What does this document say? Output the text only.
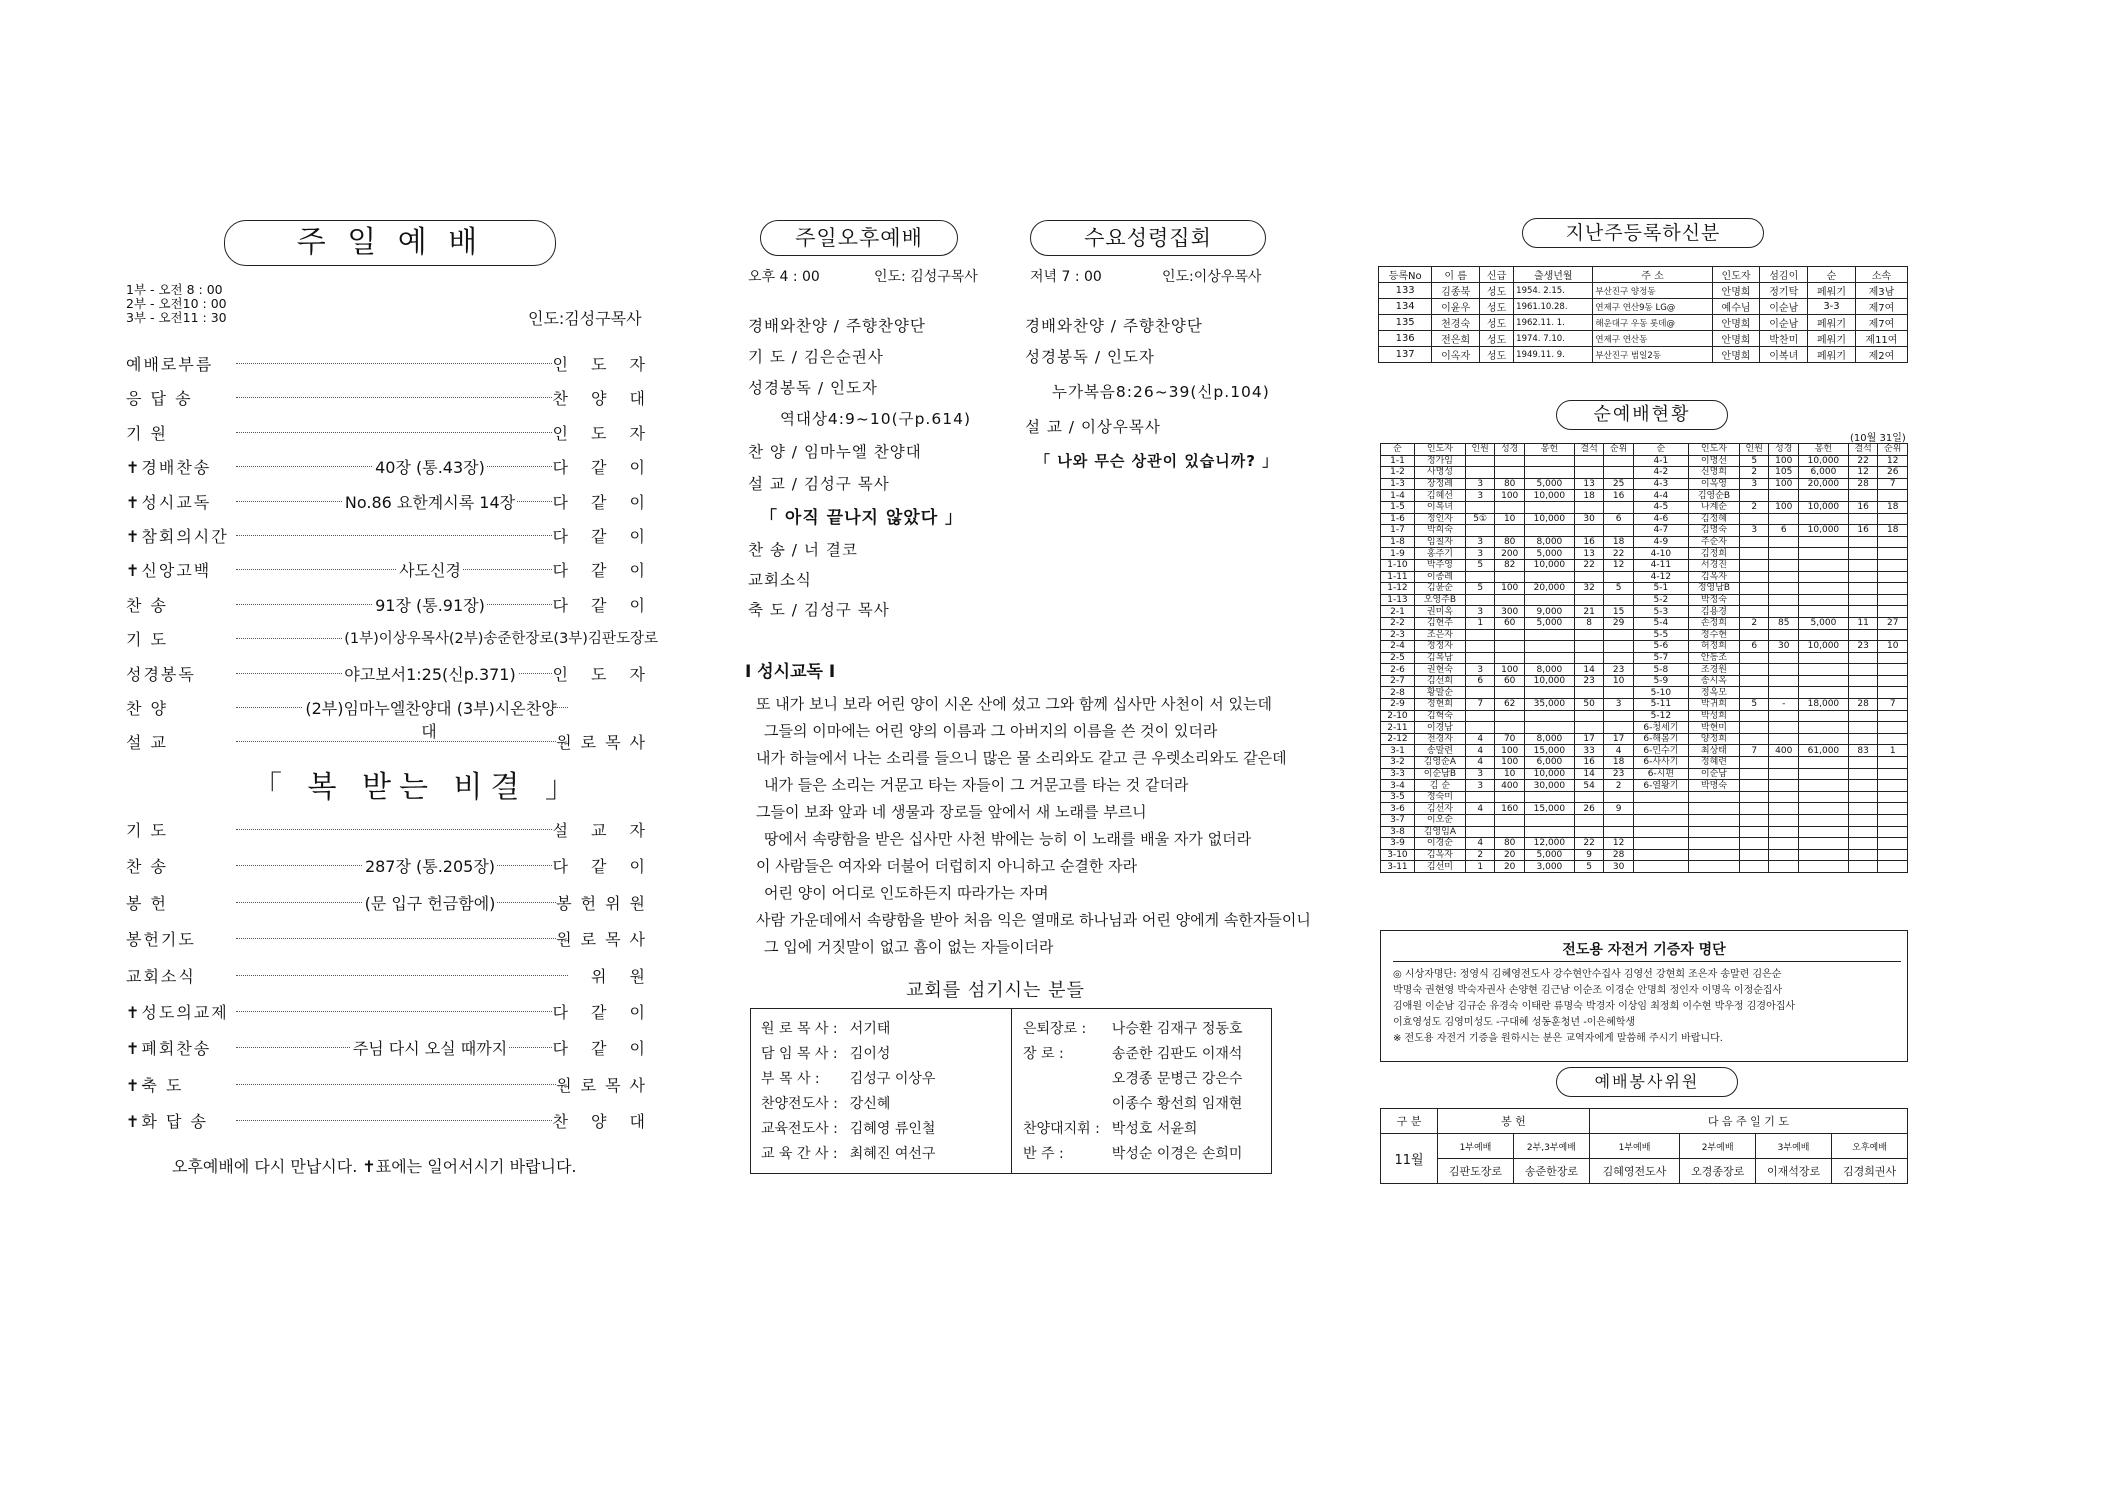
주 일 예 배
1부 - 오전 8 : 00
2부 - 오전10 : 00
3부 - 오전11 : 30	인도:김성구목사
예배로부름	인 도 자
응 답 송	찬 양 대
기 원	인 도 자
✝경배찬송	40장 (통.43장)	다 같 이
✝성시교독	No.86 요한계시록 14장	다 같 이
✝참회의시간	다 같 이
✝신앙고백	사도신경	다 같 이
찬 송	91장 (통.91장)	다 같 이
기 도	(1부)이상우목사(2부)송준한장로(3부)김판도장로
성경봉독	야고보서1:25(신p.371)	인 도 자
찬 양	(2부)임마누엘찬양대 (3부)시온찬양대
설 교	원로목사
「 복 받는 비결 」
기 도	설 교 자
찬 송	287장 (통.205장)	다 같 이
봉 헌	(문 입구 헌금함에)	봉헌위원
봉헌기도	원로목사
교회소식	위 원
✝성도의교제	다 같 이
✝폐회찬송	주님 다시 오실 때까지	다 같 이
✝축 도	원로목사
✝화 답 송	찬 양 대
오후예배에 다시 만납시다. ✝표에는 일어서시기 바랍니다.
주일오후예배
오후 4 : 00	인도: 김성구목사
경배와찬양 / 주향찬양단
기 도 / 김은순권사
성경봉독 / 인도자
역대상4:9~10(구p.614)
찬 양 / 임마누엘 찬양대
설 교 / 김성구 목사
「 아직 끝나지 않았다 」
찬 송 / 너 결코
교회소식
축 도 / 김성구 목사
수요성령집회
저녁 7 : 00	인도:이상우목사
경배와찬양 / 주향찬양단
성경봉독 / 인도자
누가복음8:26~39(신p.104)
설 교 / 이상우목사
「 나와 무슨 상관이 있습니까? 」
Ⅰ 성시교독 Ⅰ

또 내가 보니 보라 어린 양이 시온 산에 섰고 그와 함께 십사만 사천이 서 있는데

그들의 이마에는 어린 양의 이름과 그 아버지의 이름을 쓴 것이 있더라

내가 하늘에서 나는 소리를 들으니 많은 물 소리와도 같고 큰 우렛소리와도 같은데

내가 들은 소리는 거문고 타는 자들이 그 거문고를 타는 것 같더라

그들이 보좌 앞과 네 생물과 장로들 앞에서 새 노래를 부르니

땅에서 속량함을 받은 십사만 사천 밖에는 능히 이 노래를 배울 자가 없더라

이 사람들은 여자와 더불어 더럽히지 아니하고 순결한 자라

어린 양이 어디로 인도하든지 따라가는 자며

사람 가운데에서 속량함을 받아 처음 익은 열매로 하나님과 어린 양에게 속한자들이니

그 입에 거짓말이 없고 흠이 없는 자들이더라

교회를 섬기시는 분들
원 로 목 사 :	서기태
담 임 목 사 :	김이성
부 목 사 :	김성구 이상우
찬양전도사 :	강신혜
교육전도사 :	김혜영 류인철
교 육 간 사 :	최혜진 여선구
은퇴장로 :	나승환 김재구 정동호
장 로 :	송준한 김판도 이재석
	오경종 문병근 강은수
	이종수 황선희 임재현
찬양대지휘 :	박성호 서윤희
반 주 :	박성순 이경은 손희미
지난주등록하신분
등록No	이 름	신급	출생년월	주 소	인도자	섬김이	순	소속
133	김종북	성도	1954. 2.15.	부산진구 양정동	안명희	정기탁	페워기	제3남
134	이윤우	성도	1961.10.28.	연제구 연산9동 LG@	예수님	이순남	3-3	제7여
135	천경숙	성도	1962.11. 1.	해운대구 우동 롯데@	안명희	이순남	페워기	제7여
136	전은희	성도	1974. 7.10.	연제구 연산동	안명희	박찬미	페워기	제11여
137	이옥자	성도	1949.11. 9.	부산진구 범일2동	안명희	이복녀	페워기	제2여
순예배현황
(10월 31일)
순	인도자	인원	성경	봉헌	결석	순위	순	인도자	인원	성경	봉헌	결석	순위
1-1	정가임						4-1	이명선	5	100	10,000	22	12
1-2	사명성						4-2	신명희	2	105	6,000	12	26
1-3	장정례	3	80	5,000	13	25	4-3	이옥영	3	100	20,000	28	7
1-4	김혜선	3	100	10,000	18	16	4-4	김영순B					
1-5	이복녀						4-5	나계순	2	100	10,000	16	18
1-6	정인자	5①	10	10,000	30	6	4-6	김정혜					
1-7	박희숙						4-7	김명숙	3	6	10,000	16	18
1-8	임칠자	3	80	8,000	16	18	4-9	주순자					
1-9	홍주기	3	200	5,000	13	22	4-10	김정희					
1-10	박주영	5	82	10,000	22	12	4-11	서경진					
1-11	이종례						4-12	김옥자					
1-12	김윤순	5	100	20,000	32	5	5-1	정영남B					
1-13	오영주B						5-2	박정숙					
2-1	권미옥	3	300	9,000	21	15	5-3	김용경					
2-2	김현주	1	60	5,000	8	29	5-4	손정희	2	85	5,000	11	27
2-3	조은자						5-5	정수현					
2-4	정정자						5-6	허정희	6	30	10,000	23	10
2-5	김복남						5-7	안동조					
2-6	권현숙	3	100	8,000	14	23	5-8	조경원					
2-7	김선희	6	60	10,000	23	10	5-9	송시옥					
2-8	황말순						5-10	정옥모					
2-9	정현희	7	62	35,000	50	3	5-11	박귀희	5	-	18,000	28	7
2-10	김혁숙						5-12	박성희					
2-11	이경남						6-청세기	박현미					
2-12	전경자	4	70	8,000	17	17	6-해봄기	양정희					
3-1	송말련	4	100	15,000	33	4	6-민수기	최상태	7	400	61,000	83	1
3-2	김영순A	4	100	6,000	16	18	6-사사기	정혜련					
3-3	이순남B	3	10	10,000	14	23	6-시편	이순남					
3-4	김 순	3	400	30,000	54	2	6-열왕기	박명숙					
3-5	정숙미												
3-6	김선자	4	160	15,000	26	9							
3-7	이오순												
3-8	김영임A												
3-9	이경순	4	80	12,000	22	12							
3-10	김옥자	2	20	5,000	9	28							
3-11	김선미	1	20	3,000	5	30							
전도용 자전거 기증자 명단
◎ 시상자명단: 정영식 김혜영전도사 강수현안수집사 김영선 강현희 조은자 송말련 김은순
박명숙 권현영 박숙자권사 손양현 김근남 이순조 이경순 안명희 정인자 이명옥 이정순집사
김애원 이순남 김규순 유경숙 이태란 류명숙 박경자 이상임 최정희 이수현 박우정 김경아집사
이효영성도 김영미성도 -구대혜 성동훈청년 -이은혜학생
※ 전도용 자전거 기증을 원하시는 분은 교역자에게 말씀해 주시기 바랍니다.
예배봉사위원
구 분	봉 헌		다 음 주 일 기 도			
11월	1부예배	2부,3부예배	1부예배	2부예배	3부예배	오후예배
	김판도장로	송준한장로	김혜영전도사	오경종장로	이재석장로	김경희권사
